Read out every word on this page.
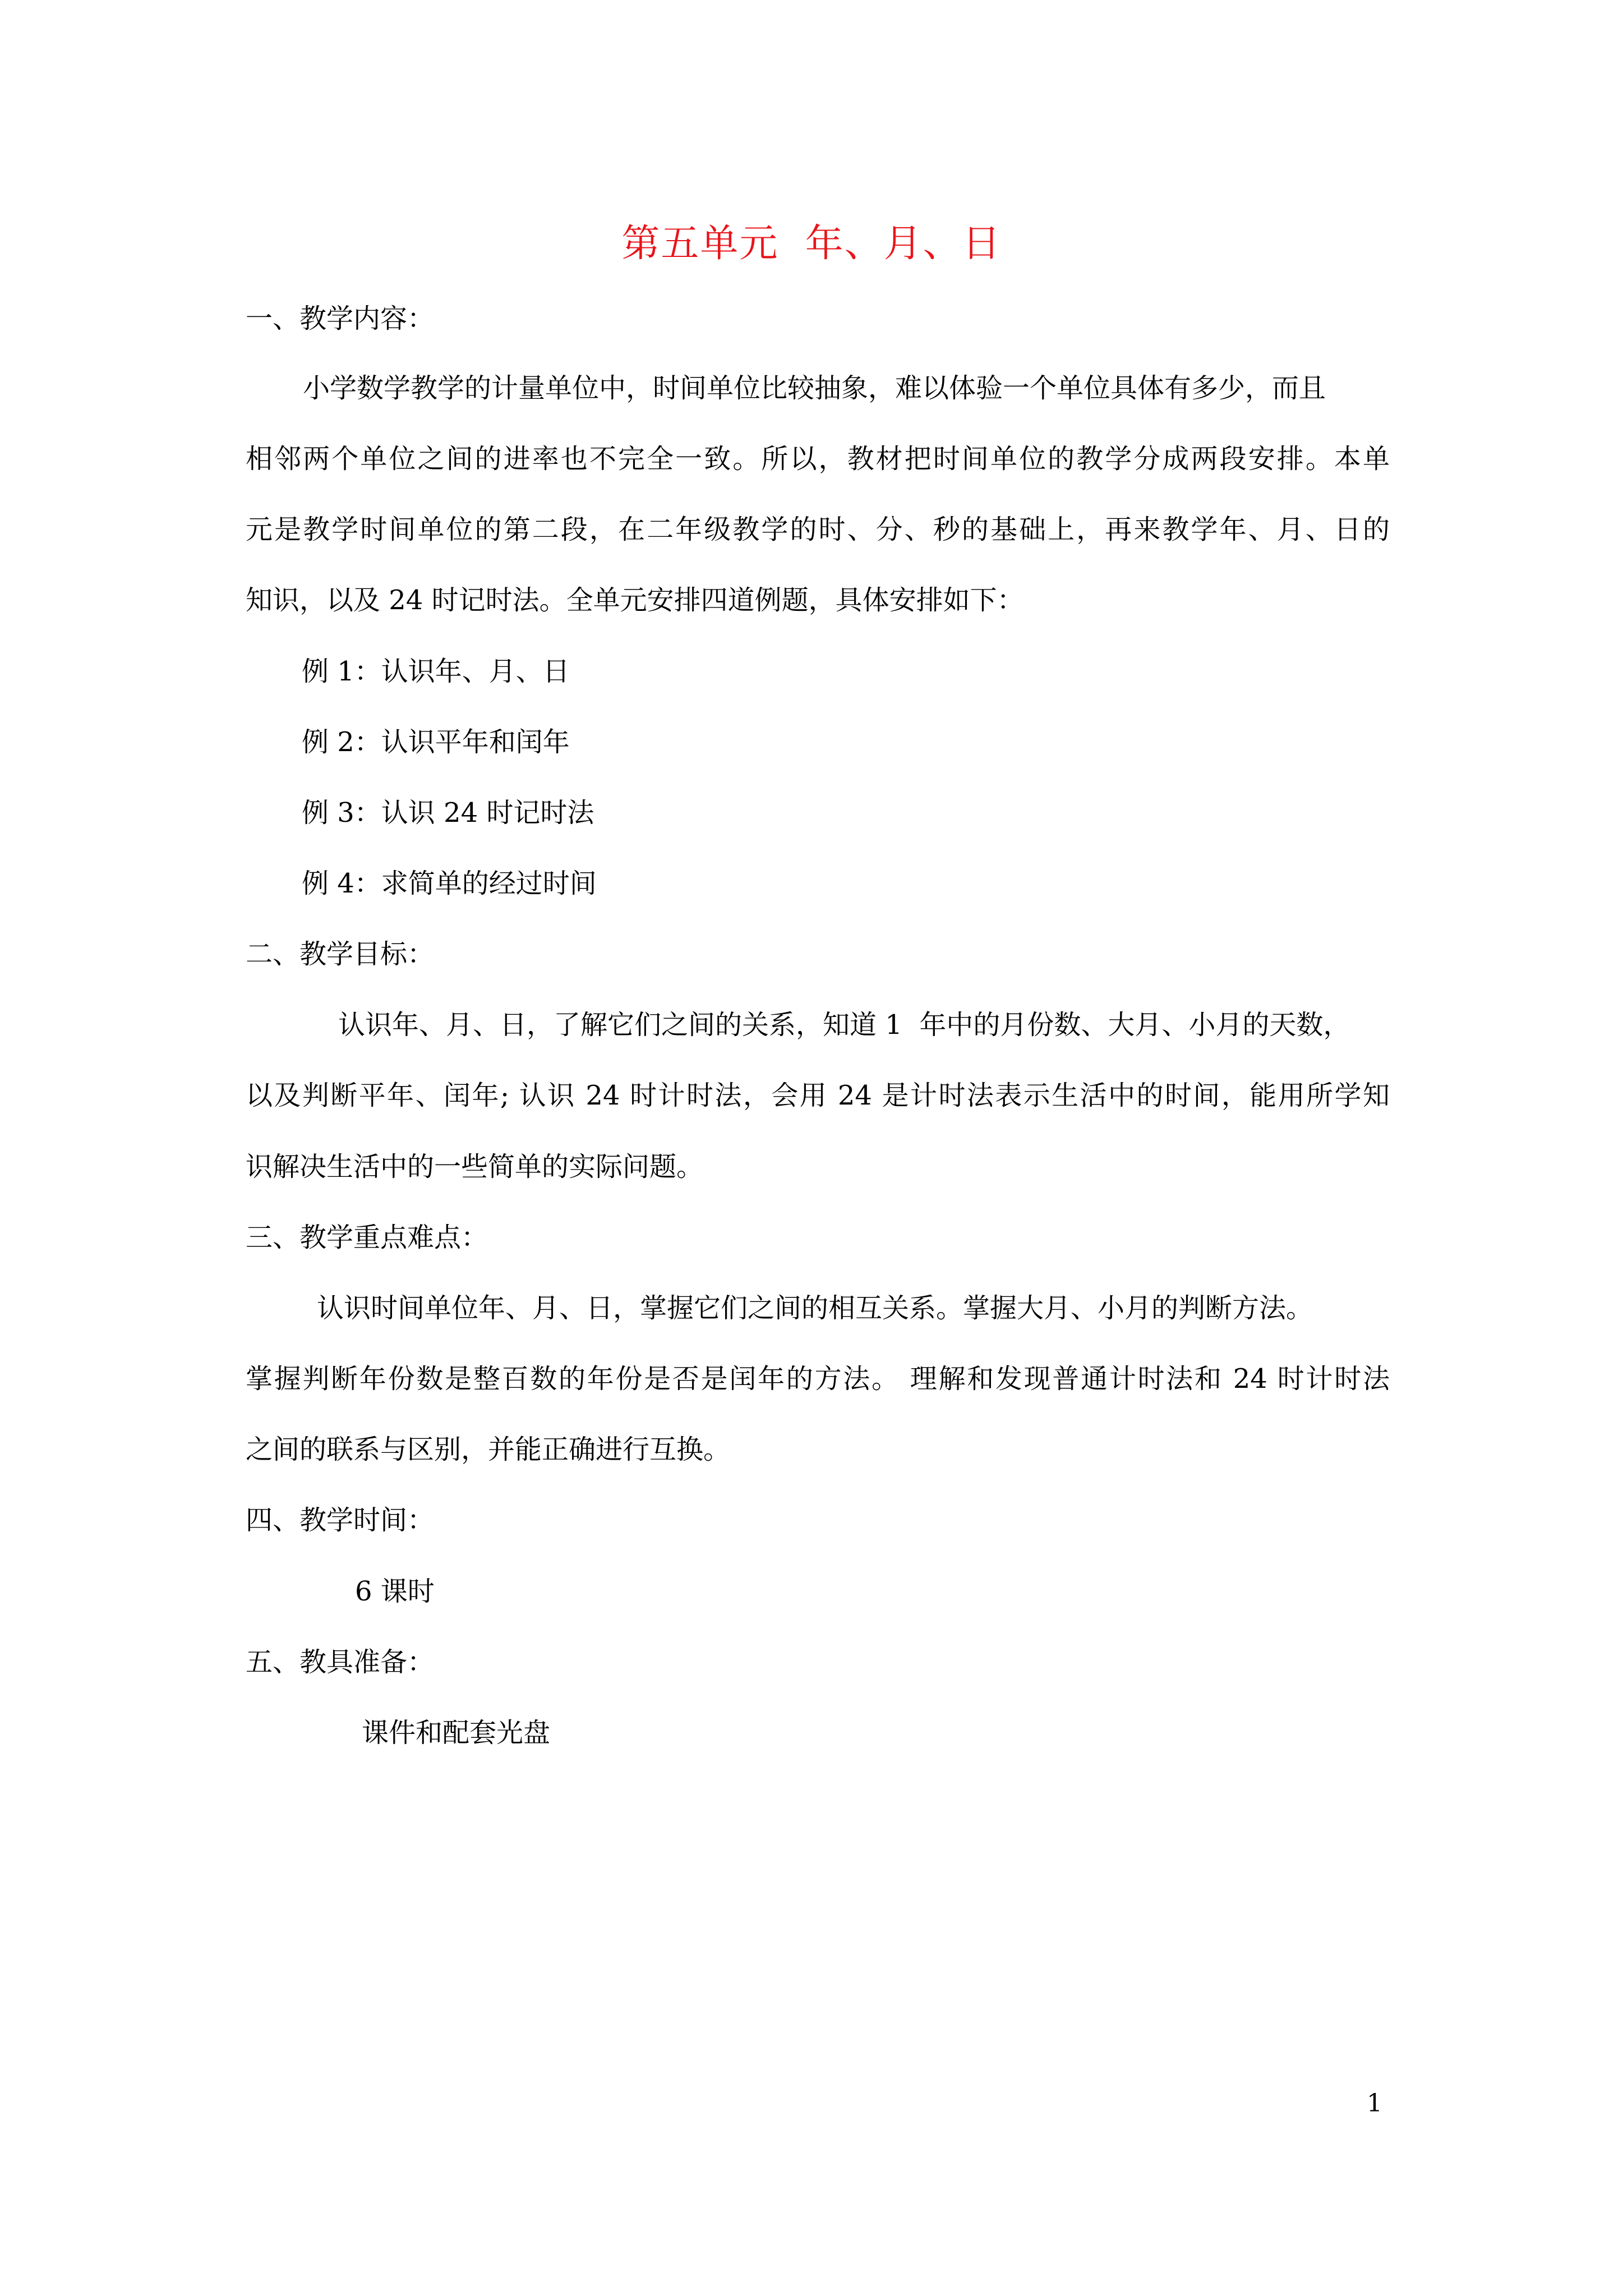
第五单元  年、月、日
一、教学内容：
小学数学教学的计量单位中，时间单位比较抽象，难以体验一个单位具体有多少，而且
相邻两个单位之间的进率也不完全一致。所以，教材把时间单位的教学分成两段安排。本单
元是教学时间单位的第二段，在二年级教学的时、分、秒的基础上，再来教学年、月、日的
知识，以及 24 时记时法。全单元安排四道例题，具体安排如下：
例 1：认识年、月、日
例 2：认识平年和闰年
例 3：认识 24 时记时法
例 4：求简单的经过时间
二、教学目标：
认识年、月、日，了解它们之间的关系，知道 1  年中的月份数、大月、小月的天数，
以及判断平年、闰年; 认识 24 时计时法，会用 24 是计时法表示生活中的时间，能用所学知
识解决生活中的一些简单的实际问题。
三、教学重点难点：
认识时间单位年、月、日，掌握它们之间的相互关系。掌握大月、小月的判断方法。
掌握判断年份数是整百数的年份是否是闰年的方法。 理解和发现普通计时法和 24 时计时法
之间的联系与区别，并能正确进行互换。
四、教学时间：
6 课时
五、教具准备：
课件和配套光盘
1
